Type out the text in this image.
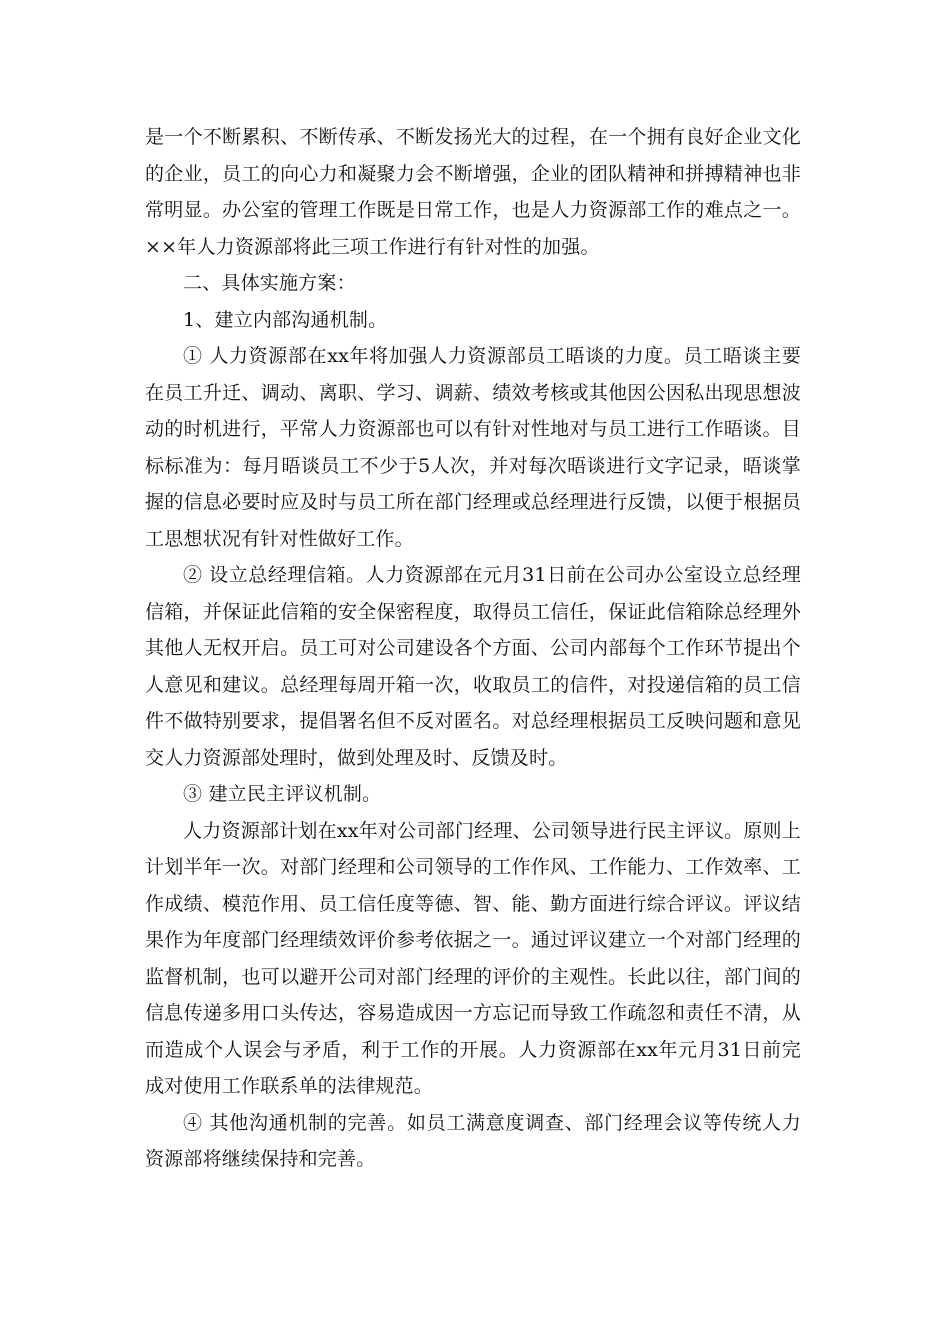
是一个不断累积、不断传承、不断发扬光大的过程，在一个拥有良好企业文化的企业，员工的向心力和凝聚力会不断增强，企业的团队精神和拼搏精神也非常明显。办公室的管理工作既是日常工作，也是人力资源部工作的难点之一。××年人力资源部将此三项工作进行有针对性的加强。

二、具体实施方案：

1、建立内部沟通机制。

① 人力资源部在xx年将加强人力资源部员工晤谈的力度。员工晤谈主要在员工升迁、调动、离职、学习、调薪、绩效考核或其他因公因私出现思想波动的时机进行，平常人力资源部也可以有针对性地对与员工进行工作晤谈。目标标准为：每月晤谈员工不少于5人次，并对每次晤谈进行文字记录，晤谈掌握的信息必要时应及时与员工所在部门经理或总经理进行反馈，以便于根据员工思想状况有针对性做好工作。

② 设立总经理信箱。人力资源部在元月31日前在公司办公室设立总经理信箱，并保证此信箱的安全保密程度，取得员工信任，保证此信箱除总经理外其他人无权开启。员工可对公司建设各个方面、公司内部每个工作环节提出个人意见和建议。总经理每周开箱一次，收取员工的信件，对投递信箱的员工信件不做特别要求，提倡署名但不反对匿名。对总经理根据员工反映问题和意见交人力资源部处理时，做到处理及时、反馈及时。

③ 建立民主评议机制。

人力资源部计划在xx年对公司部门经理、公司领导进行民主评议。原则上计划半年一次。对部门经理和公司领导的工作作风、工作能力、工作效率、工作成绩、模范作用、员工信任度等德、智、能、勤方面进行综合评议。评议结果作为年度部门经理绩效评价参考依据之一。通过评议建立一个对部门经理的监督机制，也可以避开公司对部门经理的评价的主观性。长此以往，部门间的信息传递多用口头传达，容易造成因一方忘记而导致工作疏忽和责任不清，从而造成个人误会与矛盾，利于工作的开展。人力资源部在xx年元月31日前完成对使用工作联系单的法律规范。

④ 其他沟通机制的完善。如员工满意度调查、部门经理会议等传统人力资源部将继续保持和完善。
